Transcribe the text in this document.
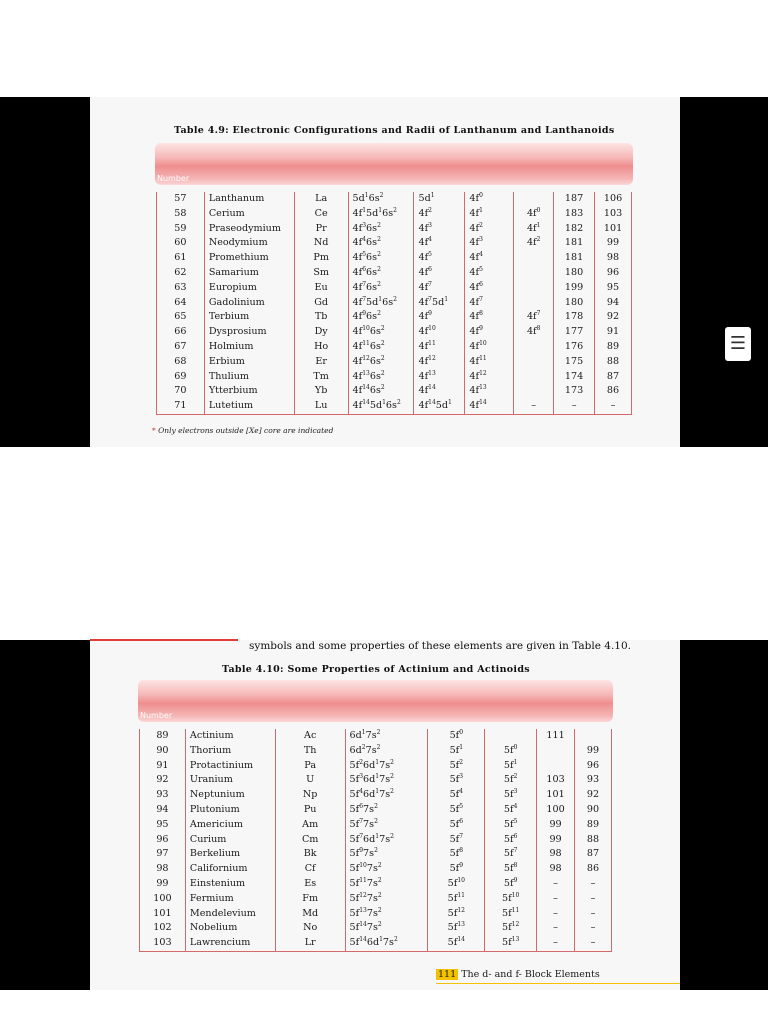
☰
Table 4.9: Electronic Configurations and Radii of Lanthanum and Lanthanoids
Number
57	Lanthanum	La	$5d^16s^2$	$5d^1$	$4f^0$		187	106
58	Cerium	Ce	$4f^15d^16s^2$	$4f^2$	$4f^1$	$4f^0$	183	103
59	Praseodymium	Pr	$4f^36s^2$	$4f^3$	$4f^2$	$4f^1$	182	101
60	Neodymium	Nd	$4f^46s^2$	$4f^4$	$4f^3$	$4f^2$	181	99
61	Promethium	Pm	$4f^56s^2$	$4f^5$	$4f^4$		181	98
62	Samarium	Sm	$4f^66s^2$	$4f^6$	$4f^5$		180	96
63	Europium	Eu	$4f^76s^2$	$4f^7$	$4f^6$		199	95
64	Gadolinium	Gd	$4f^75d^16s^2$	$4f^75d^1$	$4f^7$		180	94
65	Terbium	Tb	$4f^96s^2$	$4f^9$	$4f^8$	$4f^7$	178	92
66	Dysprosium	Dy	$4f^{10}6s^2$	$4f^{10}$	$4f^9$	$4f^8$	177	91
67	Holmium	Ho	$4f^{11}6s^2$	$4f^{11}$	$4f^{10}$		176	89
68	Erbium	Er	$4f^{12}6s^2$	$4f^{12}$	$4f^{11}$		175	88
69	Thulium	Tm	$4f^{13}6s^2$	$4f^{13}$	$4f^{12}$		174	87
70	Ytterbium	Yb	$4f^{14}6s^2$	$4f^{14}$	$4f^{13}$		173	86
71	Lutetium	Lu	$4f^{14}5d^16s^2$	$4f^{14}5d^1$	$4f^{14}$	–	–	–
* Only electrons outside [Xe] core are indicated
symbols and some properties of these elements are given in Table 4.10.
Table 4.10: Some Properties of Actinium and Actinoids
Number
89	Actinium	Ac	$6d^17s^2$	$5f^0$		111	
90	Thorium	Th	$6d^27s^2$	$5f^1$	$5f^0$		99
91	Protactinium	Pa	$5f^26d^17s^2$	$5f^2$	$5f^1$		96
92	Uranium	U	$5f^36d^17s^2$	$5f^3$	$5f^2$	103	93
93	Neptunium	Np	$5f^46d^17s^2$	$5f^4$	$5f^3$	101	92
94	Plutonium	Pu	$5f^67s^2$	$5f^5$	$5f^4$	100	90
95	Americium	Am	$5f^77s^2$	$5f^6$	$5f^5$	99	89
96	Curium	Cm	$5f^76d^17s^2$	$5f^7$	$5f^6$	99	88
97	Berkelium	Bk	$5f^97s^2$	$5f^8$	$5f^7$	98	87
98	Californium	Cf	$5f^{10}7s^2$	$5f^9$	$5f^8$	98	86
99	Einstenium	Es	$5f^{11}7s^2$	$5f^{10}$	$5f^9$	–	–
100	Fermium	Fm	$5f^{12}7s^2$	$5f^{11}$	$5f^{10}$	–	–
101	Mendelevium	Md	$5f^{13}7s^2$	$5f^{12}$	$5f^{11}$	–	–
102	Nobelium	No	$5f^{14}7s^2$	$5f^{13}$	$5f^{12}$	–	–
103	Lawrencium	Lr	$5f^{14}6d^17s^2$	$5f^{14}$	$5f^{13}$	–	–
111 The d- and f- Block Elements
